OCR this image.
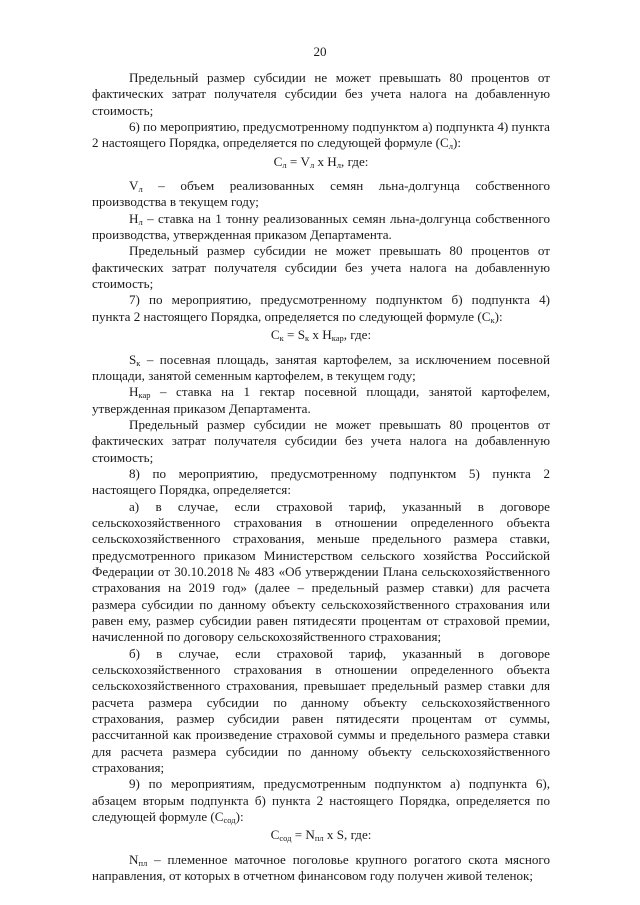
20

Предельный размер субсидии не может превышать 80 процентов от фактических затрат получателя субсидии без учета налога на добавленную стоимость;

6) по мероприятию, предусмотренному подпунктом а) подпункта 4) пункта 2 настоящего Порядка, определяется по следующей формуле $(С_л)$:

$С_л = V_л$ x $Н_л$, где:

$V_л$ – объем реализованных семян льна-долгунца собственного производства в текущем году;

$Н_л$ – ставка на 1 тонну реализованных семян льна-долгунца собственного производства, утвержденная приказом Департамента.

Предельный размер субсидии не может превышать 80 процентов от фактических затрат получателя субсидии без учета налога на добавленную стоимость;

7) по мероприятию, предусмотренному подпунктом б) подпункта 4) пункта 2 настоящего Порядка, определяется по следующей формуле $(С_к)$:

$С_к = S_к$ x $Н_{кар}$, где:

$S_к$ – посевная площадь, занятая картофелем, за исключением посевной площади, занятой семенным картофелем, в текущем году;

$Н_{кар}$ – ставка на 1 гектар посевной площади, занятой картофелем, утвержденная приказом Департамента.

Предельный размер субсидии не может превышать 80 процентов от фактических затрат получателя субсидии без учета налога на добавленную стоимость;

8) по мероприятию, предусмотренному подпунктом 5) пункта 2 настоящего Порядка, определяется:

а) в случае, если страховой тариф, указанный в договоре сельскохозяйственного страхования в отношении определенного объекта сельскохозяйственного страхования, меньше предельного размера ставки, предусмотренного приказом Министерством сельского хозяйства Российской Федерации от 30.10.2018 № 483 «Об утверждении Плана сельскохозяйственного страхования на 2019 год» (далее – предельный размер ставки) для расчета размера субсидии по данному объекту сельскохозяйственного страхования или равен ему, размер субсидии равен пятидесяти процентам от страховой премии, начисленной по договору сельскохозяйственного страхования;

б) в случае, если страховой тариф, указанный в договоре сельскохозяйственного страхования в отношении определенного объекта сельскохозяйственного страхования, превышает предельный размер ставки для расчета размера субсидии по данному объекту сельскохозяйственного страхования, размер субсидии равен пятидесяти процентам от суммы, рассчитанной как произведение страховой суммы и предельного размера ставки для расчета размера субсидии по данному объекту сельскохозяйственного страхования;

9) по мероприятиям, предусмотренным подпунктом а) подпункта 6), абзацем вторым подпункта б) пункта 2 настоящего Порядка, определяется по следующей формуле $(С_{сод})$:

$С_{сод} = N_{пл}$ x S, где:

$N_{пл}$ – племенное маточное поголовье крупного рогатого скота мясного направления, от которых в отчетном финансовом году получен живой теленок;
